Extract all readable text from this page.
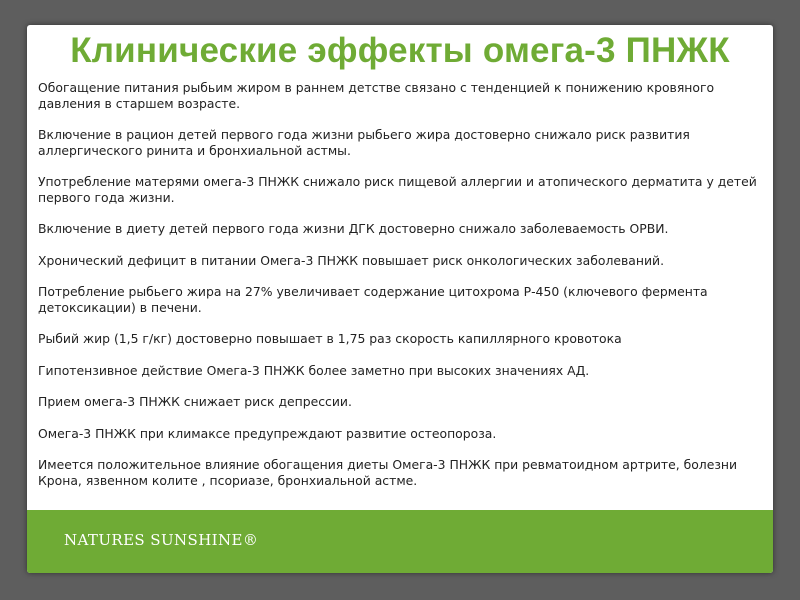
Клинические эффекты омега-3 ПНЖК
Обогащение питания рыбьим жиром в раннем детстве связано с тенденцией к понижению кровяного давления в старшем возрасте.
Включение в рацион детей первого года жизни рыбьего жира достоверно снижало риск развития аллергического ринита и бронхиальной астмы.
Употребление матерями омега-3 ПНЖК снижало риск пищевой аллергии и атопического дерматита у детей первого года жизни.
Включение в диету детей первого года жизни ДГК достоверно снижало заболеваемость ОРВИ.
Хронический дефицит в питании Омега-3 ПНЖК повышает риск онкологических заболеваний.
Потребление рыбьего жира на 27% увеличивает содержание цитохрома Р-450 (ключевого фермента детоксикации) в печени.
Рыбий жир (1,5 г/кг) достоверно повышает в 1,75 раз скорость капиллярного кровотока
Гипотензивное действие Омега-3 ПНЖК более заметно при высоких значениях АД.
Прием омега-3 ПНЖК снижает риск депрессии.
Омега-3 ПНЖК при климаксе предупреждают развитие остеопороза.
Имеется положительное влияние обогащения диеты Омега-3 ПНЖК при ревматоидном артрите, болезни Крона, язвенном колите , псориазе, бронхиальной астме.
NATURES SUNSHINE®
